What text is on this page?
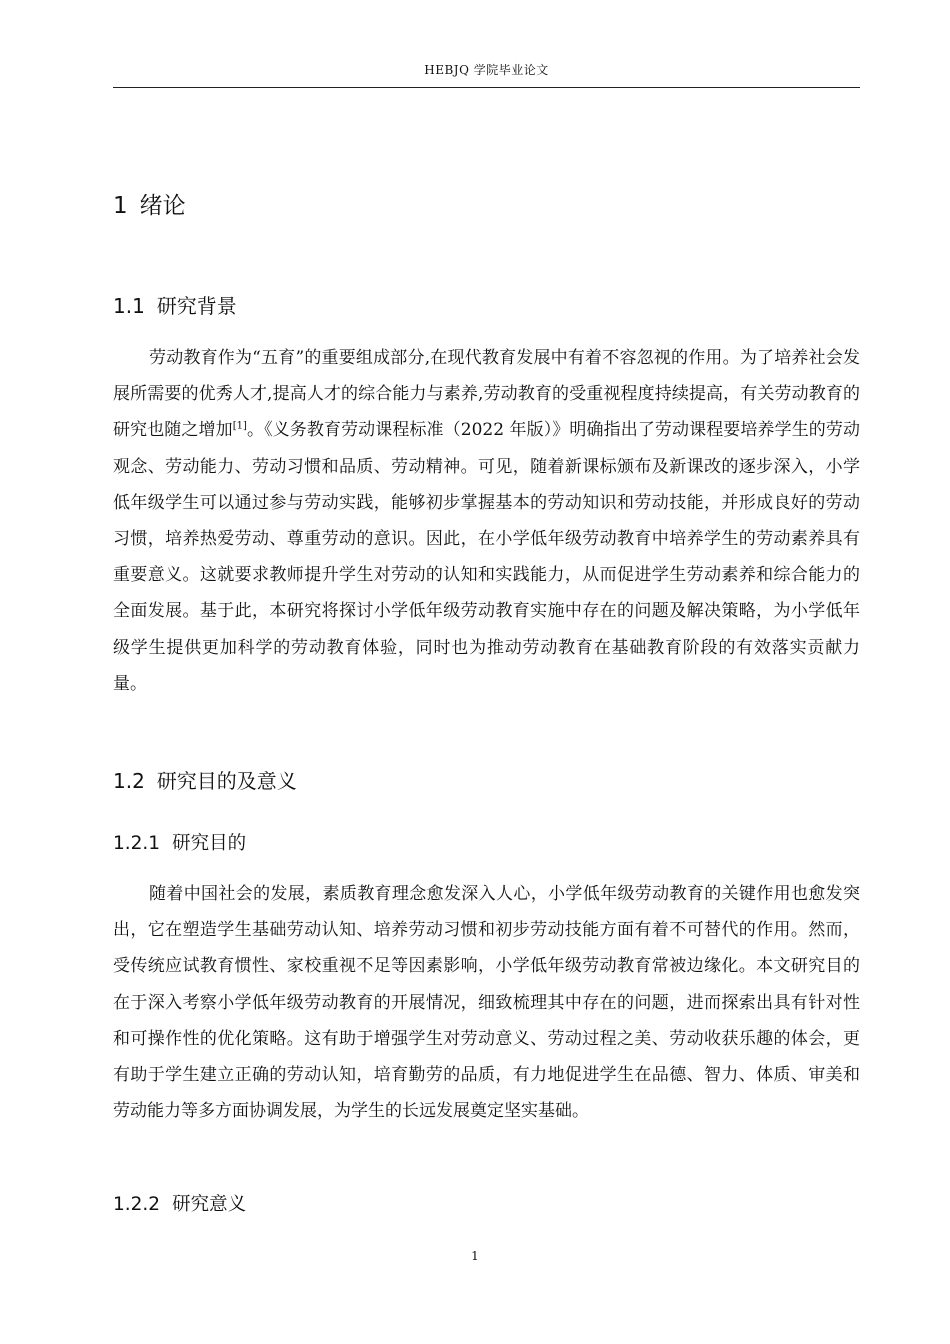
HEBJQ 学院毕业论文
1 绪论
1.1 研究背景

劳动教育作为“五育”的重要组成部分,在现代教育发展中有着不容忽视的作用。为了培养社会发展所需要的优秀人才,提高人才的综合能力与素养,劳动教育的受重视程度持续提高，有关劳动教育的研究也随之增加[1]。《义务教育劳动课程标准（2022 年版）》明确指出了劳动课程要培养学生的劳动观念、劳动能力、劳动习惯和品质、劳动精神。可见，随着新课标颁布及新课改的逐步深入，小学低年级学生可以通过参与劳动实践，能够初步掌握基本的劳动知识和劳动技能，并形成良好的劳动习惯，培养热爱劳动、尊重劳动的意识。因此，在小学低年级劳动教育中培养学生的劳动素养具有重要意义。这就要求教师提升学生对劳动的认知和实践能力，从而促进学生劳动素养和综合能力的全面发展。基于此，本研究将探讨小学低年级劳动教育实施中存在的问题及解决策略，为小学低年级学生提供更加科学的劳动教育体验，同时也为推动劳动教育在基础教育阶段的有效落实贡献力量。

1.2 研究目的及意义
1.2.1 研究目的

随着中国社会的发展，素质教育理念愈发深入人心，小学低年级劳动教育的关键作用也愈发突出，它在塑造学生基础劳动认知、培养劳动习惯和初步劳动技能方面有着不可替代的作用。然而，受传统应试教育惯性、家校重视不足等因素影响，小学低年级劳动教育常被边缘化。本文研究目的在于深入考察小学低年级劳动教育的开展情况，细致梳理其中存在的问题，进而探索出具有针对性和可操作性的优化策略。这有助于增强学生对劳动意义、劳动过程之美、劳动收获乐趣的体会，更有助于学生建立正确的劳动认知，培育勤劳的品质，有力地促进学生在品德、智力、体质、审美和劳动能力等多方面协调发展，为学生的长远发展奠定坚实基础。

1.2.2 研究意义
1
